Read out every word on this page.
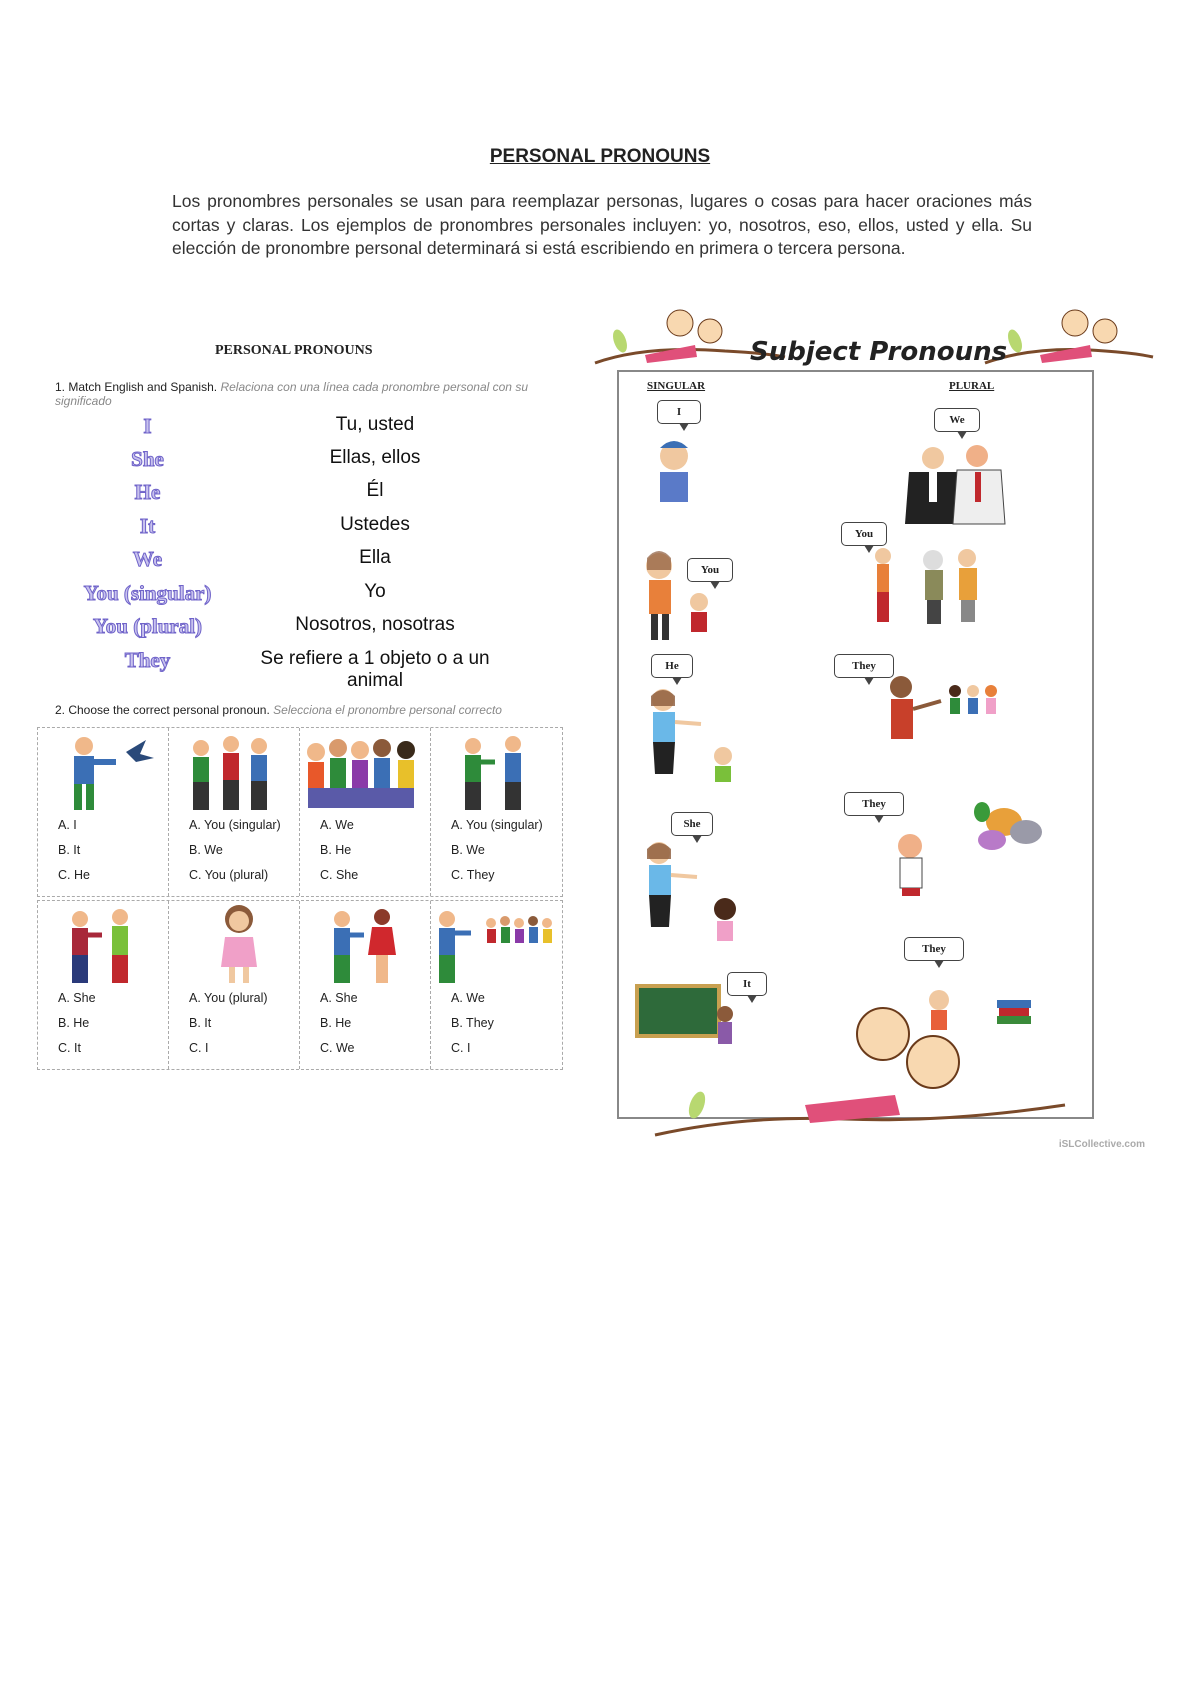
PERSONAL PRONOUNS
Los pronombres personales se usan para reemplazar personas, lugares o cosas para hacer oraciones más cortas y claras. Los ejemplos de pronombres personales incluyen: yo, nosotros, eso, ellos, usted y ella. Su elección de pronombre personal determinará si está escribiendo en primera o tercera persona.
PERSONAL PRONOUNS
1. Match English and Spanish. Relaciona con una línea cada pronombre personal con su significado
I
She
He
It
We
You (singular)
You (plural)
They
Tu, usted
Ellas, ellos
Él
Ustedes
Ella
Yo
Nosotros, nosotras
Se refiere a 1 objeto o a un animal
2. Choose the correct personal pronoun. Selecciona el pronombre personal correcto
A. I
B. It
C. He
A. You (singular)
B. We
C. You (plural)
A. We
B. He
C. She
A. You (singular)
B. We
C. They
A. She
B. He
C. It
A. You (plural)
B. It
C. I
A. She
B. He
C. We
A. We
B. They
C. I
Subject Pronouns
SINGULAR	PLURAL
I
You
He
She
It
We
You
They
They
They
iSLCollective.com
